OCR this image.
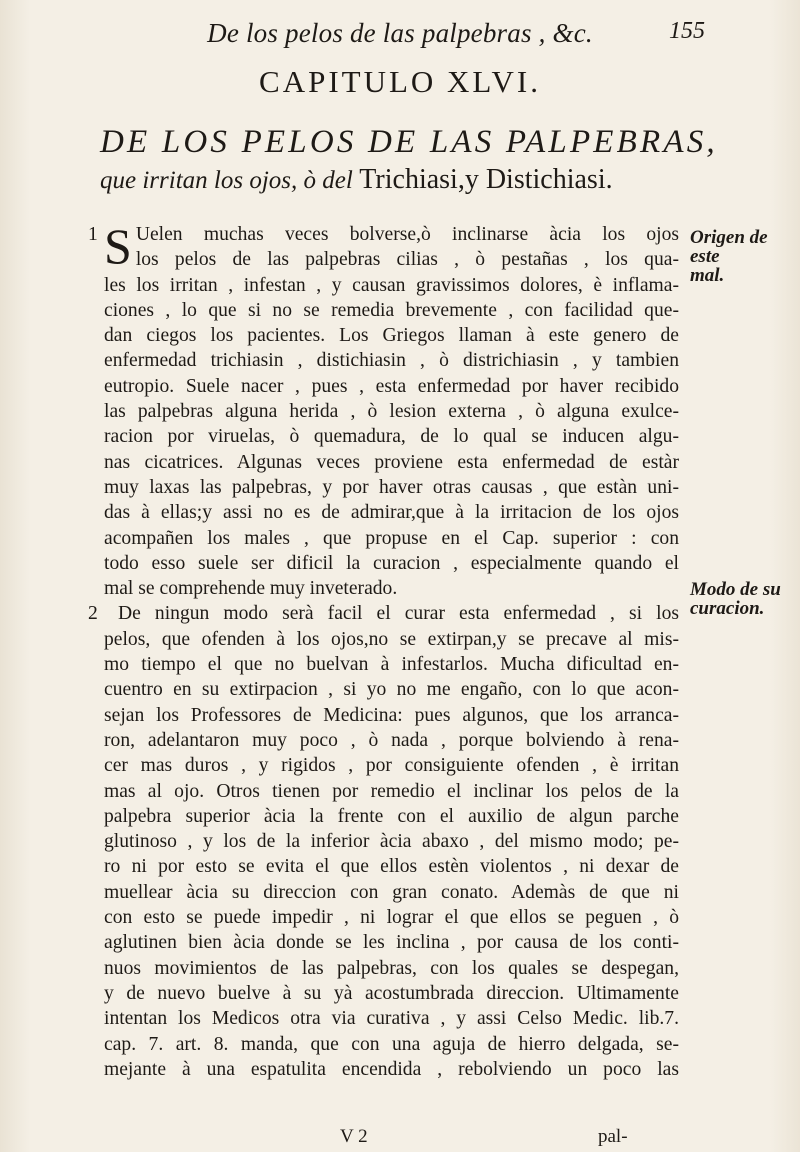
De los pelos de las palpebras , &c.	155
CAPITULO XLVI.
DE LOS PELOS DE LAS PALPEBRAS,
que irritan los ojos, ò del Trichiasi,y Distichiasi.
Origen de este
mal.
Modo de su
curacion.
1 S Uelen muchas veces bolverse,ò inclinarse àcia los ojos
los pelos de las palpebras cilias , ò pestañas , los qua-
les los irritan , infestan , y causan gravissimos dolores, è inflama-
ciones , lo que si no se remedia brevemente , con facilidad que-
dan ciegos los pacientes. Los Griegos llaman à este genero de
enfermedad trichiasin , distichiasin , ò districhiasin , y tambien
eutropio. Suele nacer , pues , esta enfermedad por haver recibido
las palpebras alguna herida , ò lesion externa , ò alguna exulce-
racion por viruelas, ò quemadura, de lo qual se inducen algu-
nas cicatrices. Algunas veces proviene esta enfermedad de estàr
muy laxas las palpebras, y por haver otras causas , que estàn uni-
das à ellas;y assi no es de admirar,que à la irritacion de los ojos
acompañen los males , que propuse en el Cap. superior : con
todo esso suele ser dificil la curacion , especialmente quando el
mal se comprehende muy inveterado.
2	De ningun modo serà facil el curar esta enfermedad , si los
pelos, que ofenden à los ojos,no se extirpan,y se precave al mis-
mo tiempo el que no buelvan à infestarlos. Mucha dificultad en-
cuentro en su extirpacion , si yo no me engaño, con lo que acon-
sejan los Professores de Medicina: pues algunos, que los arranca-
ron, adelantaron muy poco , ò nada , porque bolviendo à rena-
cer mas duros , y rigidos , por consiguiente ofenden , è irritan
mas al ojo. Otros tienen por remedio el inclinar los pelos de la
palpebra superior àcia la frente con el auxilio de algun parche
glutinoso , y los de la inferior àcia abaxo , del mismo modo; pe-
ro ni por esto se evita el que ellos estèn violentos , ni dexar de
muellear àcia su direccion con gran conato. Ademàs de que ni
con esto se puede impedir , ni lograr el que ellos se peguen , ò
aglutinen bien àcia donde se les inclina , por causa de los conti-
nuos movimientos de las palpebras, con los quales se despegan,
y de nuevo buelve à su yà acostumbrada direccion. Ultimamente
intentan los Medicos otra via curativa , y assi Celso Medic. lib.7.
cap. 7. art. 8. manda, que con una aguja de hierro delgada, se-
mejante à una espatulita encendida , rebolviendo un poco las
V 2	pal-
